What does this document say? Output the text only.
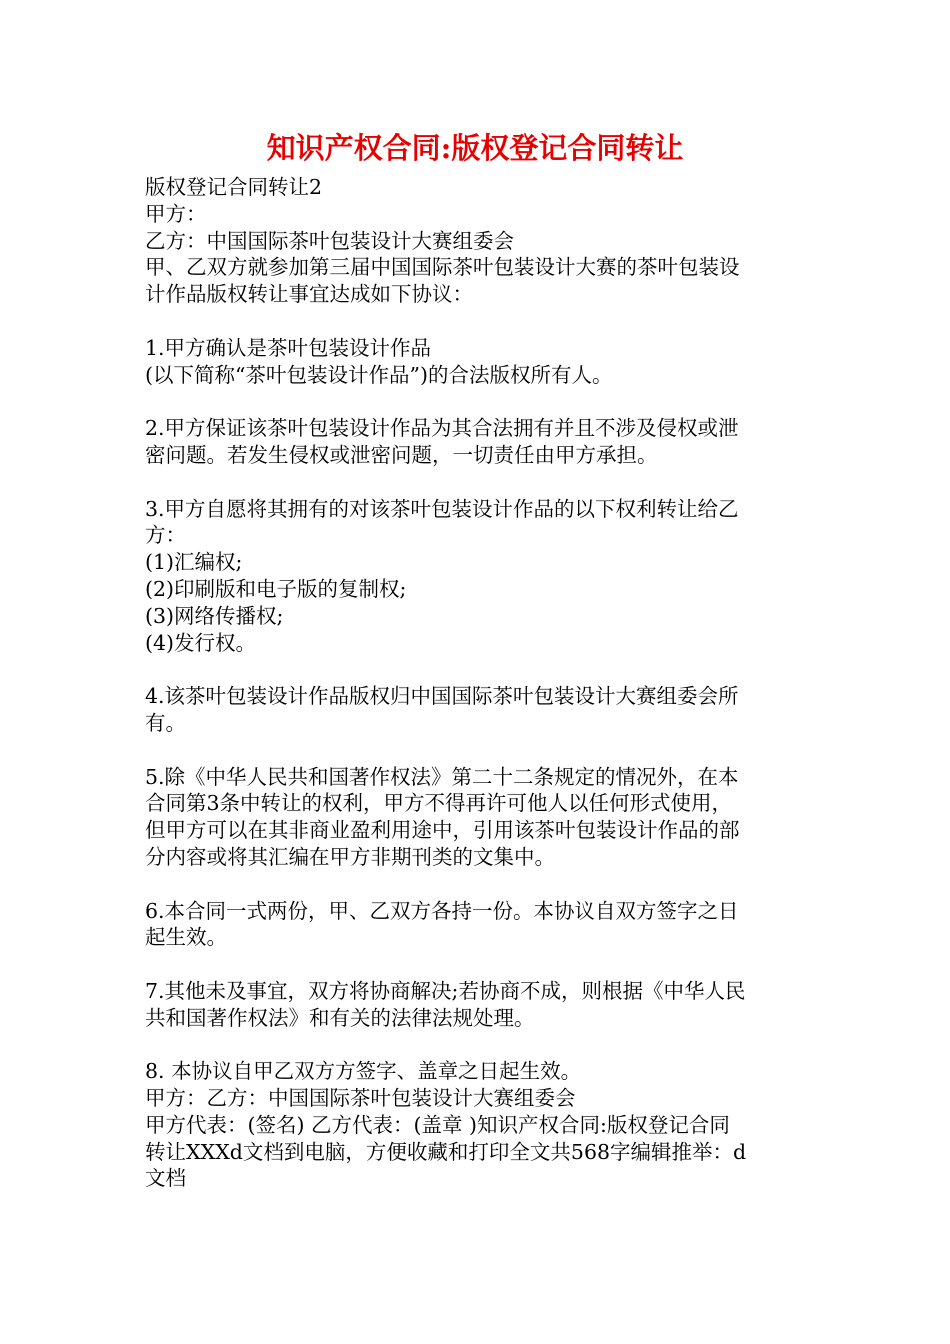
知识产权合同:版权登记合同转让
版权登记合同转让2
甲方：
乙方：中国国际茶叶包装设计大赛组委会
甲、乙双方就参加第三届中国国际茶叶包装设计大赛的茶叶包装设
计作品版权转让事宜达成如下协议：
1.甲方确认是茶叶包装设计作品
(以下简称“茶叶包装设计作品”)的合法版权所有人。
2.甲方保证该茶叶包装设计作品为其合法拥有并且不涉及侵权或泄
密问题。若发生侵权或泄密问题，一切责任由甲方承担。
3.甲方自愿将其拥有的对该茶叶包装设计作品的以下权利转让给乙
方：
(1)汇编权;
(2)印刷版和电子版的复制权;
(3)网络传播权;
(4)发行权。
4.该茶叶包装设计作品版权归中国国际茶叶包装设计大赛组委会所
有。
5.除《中华人民共和国著作权法》第二十二条规定的情况外，在本
合同第3条中转让的权利，甲方不得再许可他人以任何形式使用，
但甲方可以在其非商业盈利用途中，引用该茶叶包装设计作品的部
分内容或将其汇编在甲方非期刊类的文集中。
6.本合同一式两份，甲、乙双方各持一份。本协议自双方签字之日
起生效。
7.其他未及事宜，双方将协商解决;若协商不成，则根据《中华人民
共和国著作权法》和有关的法律法规处理。
8. 本协议自甲乙双方方签字、盖章之日起生效。
甲方：乙方：中国国际茶叶包装设计大赛组委会
甲方代表：(签名) 乙方代表：(盖章 )知识产权合同:版权登记合同
转让XXXd文档到电脑，方便收藏和打印全文共568字编辑推举：d
文档
